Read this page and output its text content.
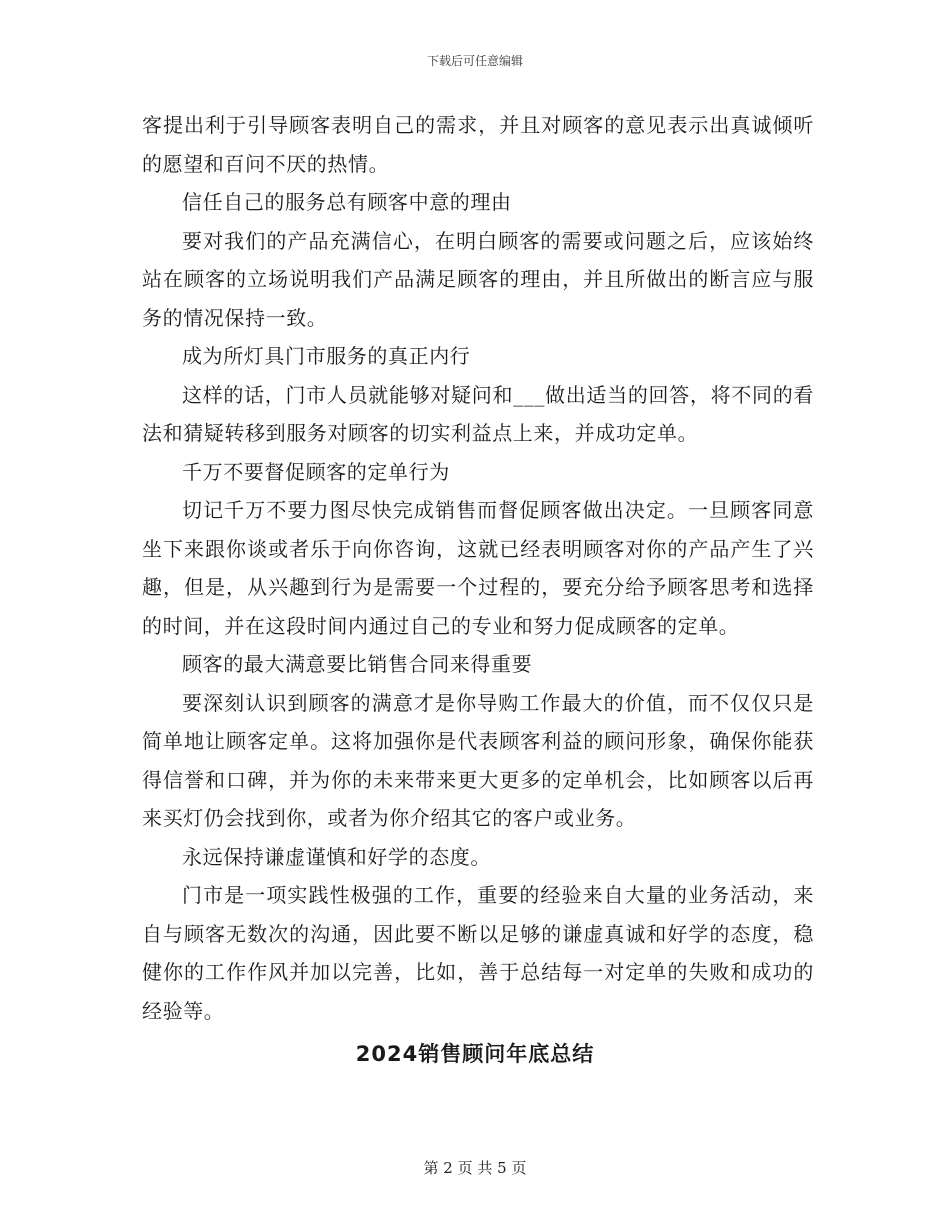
下载后可任意编辑

客提出利于引导顾客表明自己的需求，并且对顾客的意见表示出真诚倾听的愿望和百问不厌的热情。

信任自己的服务总有顾客中意的理由

要对我们的产品充满信心，在明白顾客的需要或问题之后，应该始终站在顾客的立场说明我们产品满足顾客的理由，并且所做出的断言应与服务的情况保持一致。

成为所灯具门市服务的真正内行

这样的话，门市人员就能够对疑问和___做出适当的回答，将不同的看法和猜疑转移到服务对顾客的切实利益点上来，并成功定单。

千万不要督促顾客的定单行为

切记千万不要力图尽快完成销售而督促顾客做出决定。一旦顾客同意坐下来跟你谈或者乐于向你咨询，这就已经表明顾客对你的产品产生了兴趣，但是，从兴趣到行为是需要一个过程的，要充分给予顾客思考和选择的时间，并在这段时间内通过自己的专业和努力促成顾客的定单。

顾客的最大满意要比销售合同来得重要

要深刻认识到顾客的满意才是你导购工作最大的价值，而不仅仅只是简单地让顾客定单。这将加强你是代表顾客利益的顾问形象，确保你能获得信誉和口碑，并为你的未来带来更大更多的定单机会，比如顾客以后再来买灯仍会找到你，或者为你介绍其它的客户或业务。

永远保持谦虚谨慎和好学的态度。

门市是一项实践性极强的工作，重要的经验来自大量的业务活动，来自与顾客无数次的沟通，因此要不断以足够的谦虚真诚和好学的态度，稳健你的工作作风并加以完善，比如，善于总结每一对定单的失败和成功的经验等。

2024销售顾问年底总结
第 2 页 共 5 页
